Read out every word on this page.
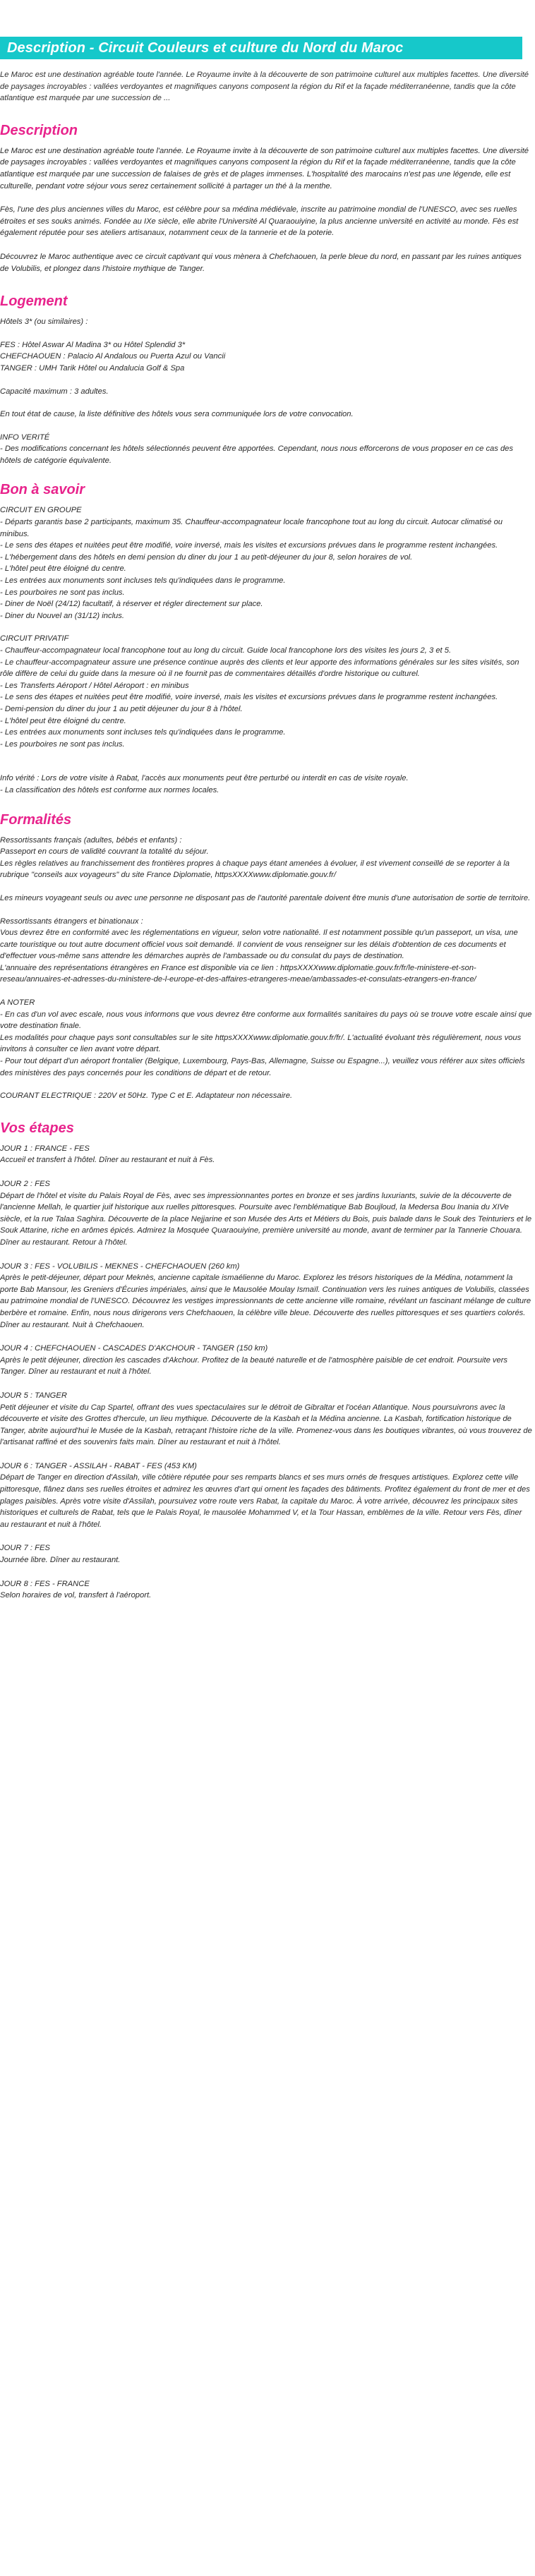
Description - Circuit Couleurs et culture du Nord du Maroc

Le Maroc est une destination agréable toute l'année. Le Royaume invite à la découverte de son patrimoine culturel aux multiples facettes. Une diversité de paysages incroyables : vallées verdoyantes et magnifiques canyons composent la région du Rif et la façade méditerranéenne, tandis que la côte atlantique est marquée par une succession de ...

Description

Le Maroc est une destination agréable toute l'année. Le Royaume invite à la découverte de son patrimoine culturel aux multiples facettes. Une diversité de paysages incroyables : vallées verdoyantes et magnifiques canyons composent la région du Rif et la façade méditerranéenne, tandis que la côte atlantique est marquée par une succession de falaises de grès et de plages immenses. L'hospitalité des marocains n'est pas une légende, elle est culturelle, pendant votre séjour vous serez certainement sollicité à partager un thé à la menthe.

Fès, l'une des plus anciennes villes du Maroc, est célèbre pour sa médina médiévale, inscrite au patrimoine mondial de l'UNESCO, avec ses ruelles étroites et ses souks animés. Fondée au IXe siècle, elle abrite l'Université Al Quaraouiyine, la plus ancienne université en activité au monde. Fès est également réputée pour ses ateliers artisanaux, notamment ceux de la tannerie et de la poterie.

Découvrez le Maroc authentique avec ce circuit captivant qui vous mènera à Chefchaouen, la perle bleue du nord, en passant par les ruines antiques de Volubilis, et plongez dans l'histoire mythique de Tanger.

Logement
Hôtels 3* (ou similaires) :
FES : Hôtel Aswar Al Madina 3* ou Hôtel Splendid 3*
CHEFCHAOUEN : Palacio Al Andalous ou Puerta Azul ou Vancii
TANGER : UMH Tarik Hôtel ou Andalucia Golf & Spa
Capacité maximum : 3 adultes.
En tout état de cause, la liste définitive des hôtels vous sera communiquée lors de votre convocation.
INFO VERITÉ
- Des modifications concernant les hôtels sélectionnés peuvent être apportées. Cependant, nous nous efforcerons de vous proposer en ce cas des hôtels de catégorie équivalente.
Bon à savoir
CIRCUIT EN GROUPE
- Départs garantis base 2 participants, maximum 35. Chauffeur-accompagnateur locale francophone tout au long du circuit. Autocar climatisé ou minibus.
- Le sens des étapes et nuitées peut être modifié, voire inversé, mais les visites et excursions prévues dans le programme restent inchangées.
- L'hébergement dans des hôtels en demi pension du diner du jour 1 au petit-déjeuner du jour 8, selon horaires de vol.
- L'hôtel peut être éloigné du centre.
- Les entrées aux monuments sont incluses tels qu'indiquées dans le programme.
- Les pourboires ne sont pas inclus.
- Diner de Noël (24/12) facultatif, à réserver et régler directement sur place.
- Diner du Nouvel an (31/12) inclus.
CIRCUIT PRIVATIF
- Chauffeur-accompagnateur local francophone tout au long du circuit. Guide local francophone lors des visites les jours 2, 3 et 5.
- Le chauffeur-accompagnateur assure une présence continue auprès des clients et leur apporte des informations générales sur les sites visités, son rôle diffère de celui du guide dans la mesure où il ne fournit pas de commentaires détaillés d'ordre historique ou culturel.
- Les Transferts Aéroport / Hôtel Aéroport : en minibus
- Le sens des étapes et nuitées peut être modifié, voire inversé, mais les visites et excursions prévues dans le programme restent inchangées.
- Demi-pension du diner du jour 1 au petit déjeuner du jour 8 à l'hôtel.
- L'hôtel peut être éloigné du centre.
- Les entrées aux monuments sont incluses tels qu'indiquées dans le programme.
- Les pourboires ne sont pas inclus.
Info vérité : Lors de votre visite à Rabat, l'accès aux monuments peut être perturbé ou interdit en cas de visite royale.
- La classification des hôtels est conforme aux normes locales.
Formalités
Ressortissants français (adultes, bébés et enfants) :
Passeport en cours de validité couvrant la totalité du séjour.
Les règles relatives au franchissement des frontières propres à chaque pays étant amenées à évoluer, il est vivement conseillé de se reporter à la rubrique "conseils aux voyageurs" du site France Diplomatie, httpsXXXXwww.diplomatie.gouv.fr/
Les mineurs voyageant seuls ou avec une personne ne disposant pas de l'autorité parentale doivent être munis d'une autorisation de sortie de territoire.
Ressortissants étrangers et binationaux :
Vous devrez être en conformité avec les réglementations en vigueur, selon votre nationalité. Il est notamment possible qu'un passeport, un visa, une carte touristique ou tout autre document officiel vous soit demandé. Il convient de vous renseigner sur les délais d'obtention de ces documents et d'effectuer vous-même sans attendre les démarches auprès de l'ambassade ou du consulat du pays de destination.
L'annuaire des représentations étrangères en France est disponible via ce lien : httpsXXXXwww.diplomatie.gouv.fr/fr/le-ministere-et-son-reseau/annuaires-et-adresses-du-ministere-de-l-europe-et-des-affaires-etrangeres-meae/ambassades-et-consulats-etrangers-en-france/
A NOTER
- En cas d'un vol avec escale, nous vous informons que vous devrez être conforme aux formalités sanitaires du pays où se trouve votre escale ainsi que votre destination finale.
Les modalités pour chaque pays sont consultables sur le site httpsXXXXwww.diplomatie.gouv.fr/fr/. L'actualité évoluant très régulièrement, nous vous invitons à consulter ce lien avant votre départ.
- Pour tout départ d'un aéroport frontalier (Belgique, Luxembourg, Pays-Bas, Allemagne, Suisse ou Espagne...), veuillez vous référer aux sites officiels des ministères des pays concernés pour les conditions de départ et de retour.
COURANT ELECTRIQUE : 220V et 50Hz. Type C et E. Adaptateur non nécessaire.
Vos étapes
JOUR 1 : FRANCE - FES
Accueil et transfert à l'hôtel. Dîner au restaurant et nuit à Fès.
JOUR 2 : FES
Départ de l'hôtel et visite du Palais Royal de Fès, avec ses impressionnantes portes en bronze et ses jardins luxuriants, suivie de la découverte de l'ancienne Mellah, le quartier juif historique aux ruelles pittoresques. Poursuite avec l'emblématique Bab Boujloud, la Medersa Bou Inania du XIVe siècle, et la rue Talaa Saghira. Découverte de la place Nejjarine et son Musée des Arts et Métiers du Bois, puis balade dans le Souk des Teinturiers et le Souk Attarine, riche en arômes épicés. Admirez la Mosquée Quaraouiyine, première université au monde, avant de terminer par la Tannerie Chouara. Dîner au restaurant. Retour à l'hôtel.
JOUR 3 : FES - VOLUBILIS - MEKNES - CHEFCHAOUEN (260 km)
Après le petit-déjeuner, départ pour Meknès, ancienne capitale ismaélienne du Maroc. Explorez les trésors historiques de la Médina, notamment la porte Bab Mansour, les Greniers d'Écuries impériales, ainsi que le Mausolée Moulay Ismaïl. Continuation vers les ruines antiques de Volubilis, classées au patrimoine mondial de l'UNESCO. Découvrez les vestiges impressionnants de cette ancienne ville romaine, révélant un fascinant mélange de culture berbère et romaine. Enfin, nous nous dirigerons vers Chefchaouen, la célèbre ville bleue. Découverte des ruelles pittoresques et ses quartiers colorés. Dîner au restaurant. Nuit à Chefchaouen.
JOUR 4 : CHEFCHAOUEN - CASCADES D'AKCHOUR - TANGER (150 km)
Après le petit déjeuner, direction les cascades d'Akchour. Profitez de la beauté naturelle et de l'atmosphère paisible de cet endroit. Poursuite vers Tanger. Dîner au restaurant et nuit à l'hôtel.
JOUR 5 : TANGER
Petit déjeuner et visite du Cap Spartel, offrant des vues spectaculaires sur le détroit de Gibraltar et l'océan Atlantique. Nous poursuivrons avec la découverte et visite des Grottes d'hercule, un lieu mythique. Découverte de la Kasbah et la Médina ancienne. La Kasbah, fortification historique de Tanger, abrite aujourd'hui le Musée de la Kasbah, retraçant l'histoire riche de la ville. Promenez-vous dans les boutiques vibrantes, où vous trouverez de l'artisanat raffiné et des souvenirs faits main. Dîner au restaurant et nuit à l'hôtel.
JOUR 6 : TANGER - ASSILAH - RABAT - FES (453 KM)
Départ de Tanger en direction d'Assilah, ville côtière réputée pour ses remparts blancs et ses murs ornés de fresques artistiques. Explorez cette ville pittoresque, flânez dans ses ruelles étroites et admirez les œuvres d'art qui ornent les façades des bâtiments. Profitez également du front de mer et des plages paisibles. Après votre visite d'Assilah, poursuivez votre route vers Rabat, la capitale du Maroc. À votre arrivée, découvrez les principaux sites historiques et culturels de Rabat, tels que le Palais Royal, le mausolée Mohammed V, et la Tour Hassan, emblèmes de la ville. Retour vers Fès, dîner au restaurant et nuit à l'hôtel.
JOUR 7 : FES
Journée libre. Dîner au restaurant.
JOUR 8 : FES - FRANCE
Selon horaires de vol, transfert à l'aéroport.
